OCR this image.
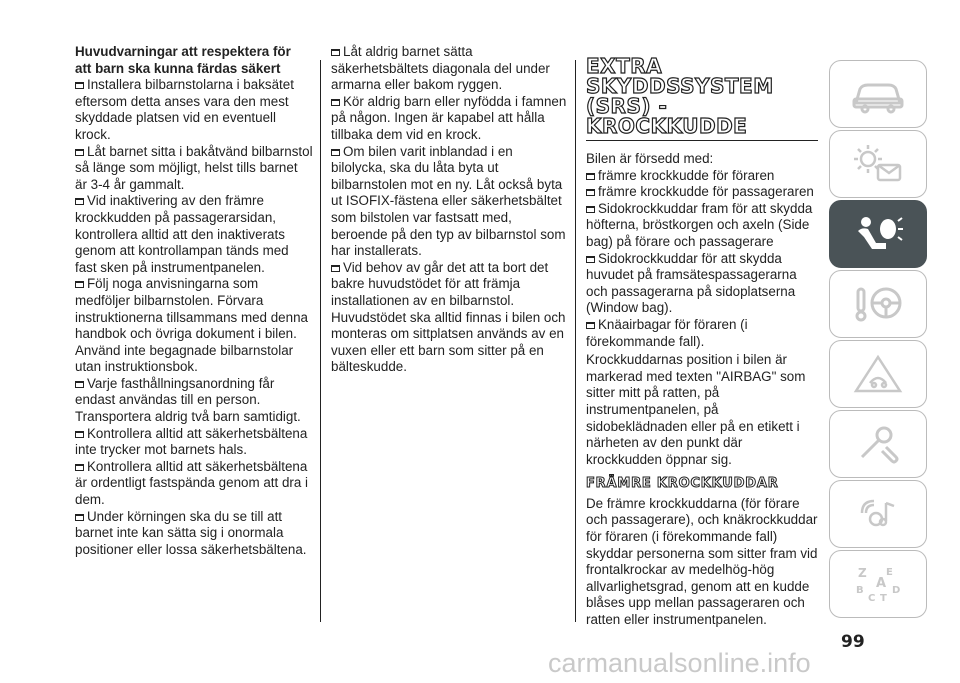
Huvudvarningar att respektera för
att barn ska kunna färdas säkert

Installera bilbarnstolarna i baksätet eftersom detta anses vara den mest skyddade platsen vid en eventuell krock.

Låt barnet sitta i bakåtvänd bilbarnstol så länge som möjligt, helst tills barnet är 3-4 år gammalt.

Vid inaktivering av den främre krockkudden på passagerarsidan, kontrollera alltid att den inaktiverats genom att kontrollampan tänds med fast sken på instrumentpanelen.

Följ noga anvisningarna som medföljer bilbarnstolen. Förvara instruktionerna tillsammans med denna handbok och övriga dokument i bilen. Använd inte begagnade bilbarnstolar utan instruktionsbok.

Varje fasthållningsanordning får endast användas till en person. Transportera aldrig två barn samtidigt.

Kontrollera alltid att säkerhetsbältena inte trycker mot barnets hals.

Kontrollera alltid att säkerhetsbältena är ordentligt fastspända genom att dra i dem.

Under körningen ska du se till att barnet inte kan sätta sig i onormala positioner eller lossa säkerhetsbältena.

Låt aldrig barnet sätta säkerhetsbältets diagonala del under armarna eller bakom ryggen.

Kör aldrig barn eller nyfödda i famnen på någon. Ingen är kapabel att hålla tillbaka dem vid en krock.

Om bilen varit inblandad i en bilolycka, ska du låta byta ut bilbarnstolen mot en ny. Låt också byta ut ISOFIX-fästena eller säkerhetsbältet som bilstolen var fastsatt med, beroende på den typ av bilbarnstol som har installerats.

Vid behov av går det att ta bort det bakre huvudstödet för att främja installationen av en bilbarnstol. Huvudstödet ska alltid finnas i bilen och monteras om sittplatsen används av en vuxen eller ett barn som sitter på en bälteskudde.

EXTRA
SKYDDSSYSTEM
(SRS) -
KROCKKUDDE

Bilen är försedd med:

främre krockkudde för föraren

främre krockkudde för passageraren

Sidokrockkuddar fram för att skydda höfterna, bröstkorgen och axeln (Side bag) på förare och passagerare

Sidokrockkuddar för att skydda huvudet på framsätespassagerarna och passagerarna på sidoplatserna (Window bag).

Knäairbagar för föraren (i förekommande fall).

Krockkuddarnas position i bilen är markerad med texten "AIRBAG" som sitter mitt på ratten, på instrumentpanelen, på sidobeklädnaden eller på en etikett i närheten av den punkt där krockkudden öppnar sig.

FRÄMRE KROCKKUDDAR

De främre krockkuddarna (för förare och passagerare), och knäkrockkuddar för föraren (i förekommande fall) skyddar personerna som sitter fram vid frontalkrockar av medelhög-hög allvarlighetsgrad, genom att en kudde blåses upp mellan passageraren och ratten eller instrumentpanelen.

Z E
A
B
C T
D
99
carmanualsonline.info
